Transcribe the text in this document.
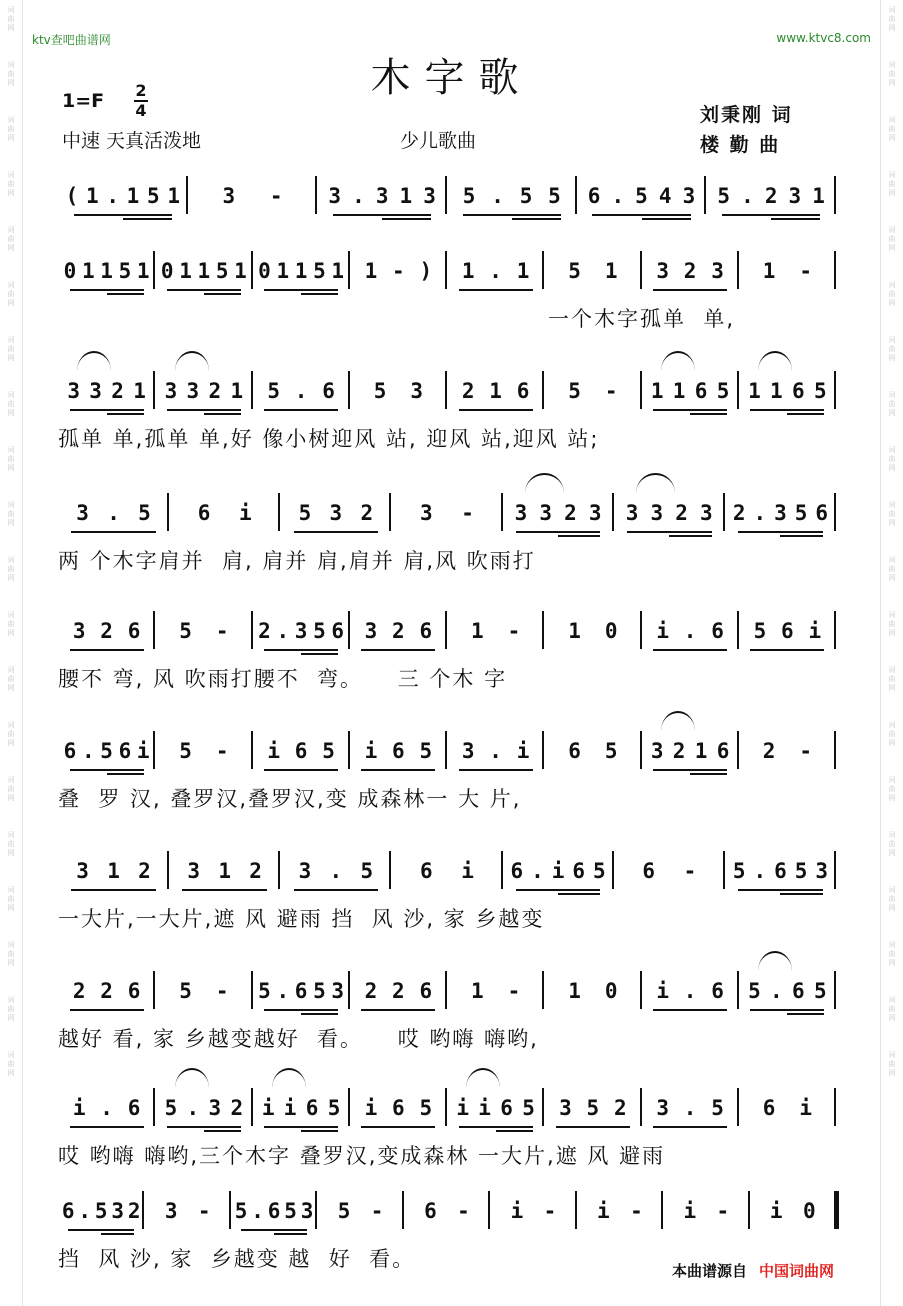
词曲网
词曲网
词曲网
词曲网
词曲网
词曲网
词曲网
词曲网
词曲网
词曲网
词曲网
词曲网
词曲网
词曲网
词曲网
词曲网
词曲网
词曲网
词曲网
词曲网
词曲网
词曲网
词曲网
词曲网
词曲网
词曲网
词曲网
词曲网
词曲网
词曲网
词曲网
词曲网
词曲网
词曲网
词曲网
词曲网
词曲网
词曲网
词曲网
词曲网
ktv查吧曲谱网	www.ktvc8.com
木字歌
1=F 2
4
中速 天真活泼地	少儿歌曲
刘秉刚 词
楼 勤 曲
( 1 . 1 5 1 3 - 3 . 3 1 3 5 . 5 5 6 . 5 4 3 5 . 2 3 1
0 1 1 5 1 0 1 1 5 1 0 1 1 5 1 1 - ) 1 . 1 5 1 3 2 3 1 -
一个木字孤单  单,
3 3 2 1 3 3 2 1 5 . 6 5 3 2 1 6 5 - 1 1 6 5 1 1 6 5
孤单 单,孤单 单,好 像小树迎风 站, 迎风 站,迎风 站;
3 . 5 6 i 5 3 2 3 - 3 3 2 3 3 3 2 3 2 . 3 5 6
两 个木字肩并  肩, 肩并 肩,肩并 肩,风 吹雨打
3 2 6 5 - 2 . 3 5 6 3 2 6 1 - 1 0 i . 6 5 6 i
腰不 弯, 风 吹雨打腰不  弯。    三 个木 字
6 . 5 6 i 5 - i 6 5 i 6 5 3 . i 6 5 3 2 1 6 2 -
叠  罗 汉, 叠罗汉,叠罗汉,变 成森林一 大 片,
3 1 2 3 1 2 3 . 5 6 i 6 . i 6 5 6 - 5 . 6 5 3
一大片,一大片,遮 风 避雨 挡  风 沙, 家 乡越变
2 2 6 5 - 5 . 6 5 3 2 2 6 1 - 1 0 i . 6 5 . 6 5
越好 看, 家 乡越变越好  看。    哎 哟嗨 嗨哟,
i . 6 5 . 3 2 i i 6 5 i 6 5 i i 6 5 3 5 2 3 . 5 6 i
哎 哟嗨 嗨哟,三个木字 叠罗汉,变成森林 一大片,遮 风 避雨
6 . 5 3 2 3 - 5 . 6 5 3 5 - 6 - i - i - i - i 0
挡  风 沙, 家  乡越变 越  好  看。	本曲谱源自 中国词曲网
